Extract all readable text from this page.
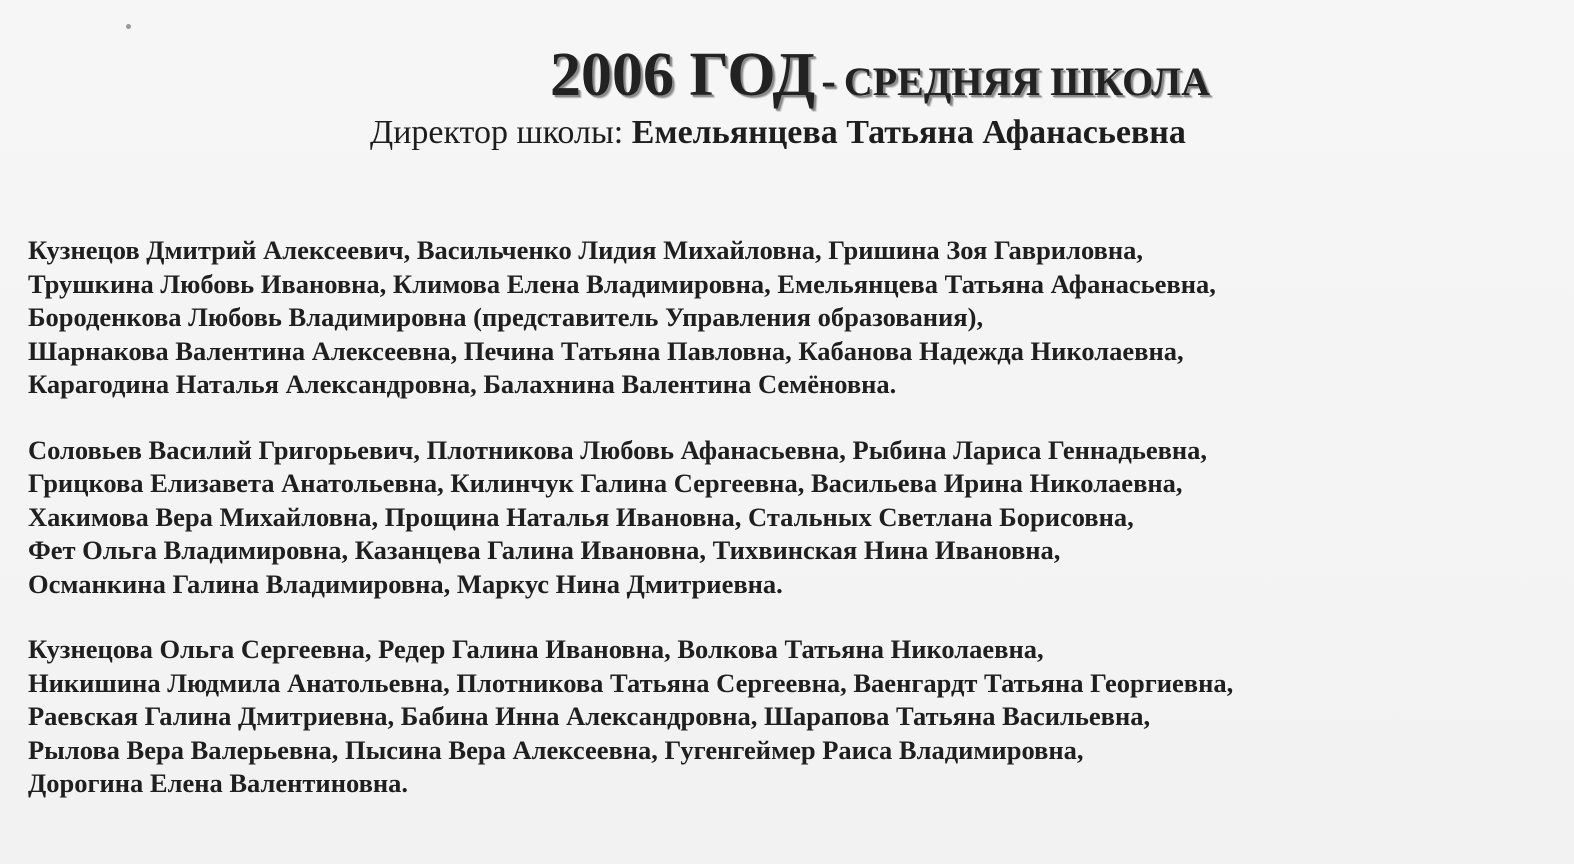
2006 ГОД - СРЕДНЯЯ ШКОЛА
Директор школы: Емельянцева Татьяна Афанасьевна
Кузнецов Дмитрий Алексеевич, Васильченко Лидия Михайловна, Гришина Зоя Гавриловна,
Трушкина Любовь Ивановна, Климова Елена Владимировна, Емельянцева Татьяна Афанасьевна,
Бороденкова Любовь Владимировна (представитель Управления образования),
Шарнакова Валентина Алексеевна, Печина Татьяна Павловна, Кабанова Надежда Николаевна,
Карагодина Наталья Александровна, Балахнина Валентина Семёновна.
Соловьев Василий Григорьевич, Плотникова Любовь Афанасьевна, Рыбина Лариса Геннадьевна,
Грицкова Елизавета Анатольевна, Килинчук Галина Сергеевна, Васильева Ирина Николаевна,
Хакимова Вера Михайловна, Прощина Наталья Ивановна, Стальных Светлана Борисовна,
Фет Ольга Владимировна, Казанцева Галина Ивановна, Тихвинская Нина Ивановна,
Османкина Галина Владимировна, Маркус Нина Дмитриевна.
Кузнецова Ольга Сергеевна, Редер Галина Ивановна, Волкова Татьяна Николаевна,
Никишина Людмила Анатольевна, Плотникова Татьяна Сергеевна, Ваенгардт Татьяна Георгиевна,
Раевская Галина Дмитриевна, Бабина Инна Александровна, Шарапова Татьяна Васильевна,
Рылова Вера Валерьевна, Пысина Вера Алексеевна, Гугенгеймер Раиса Владимировна,
Дорогина Елена Валентиновна.
